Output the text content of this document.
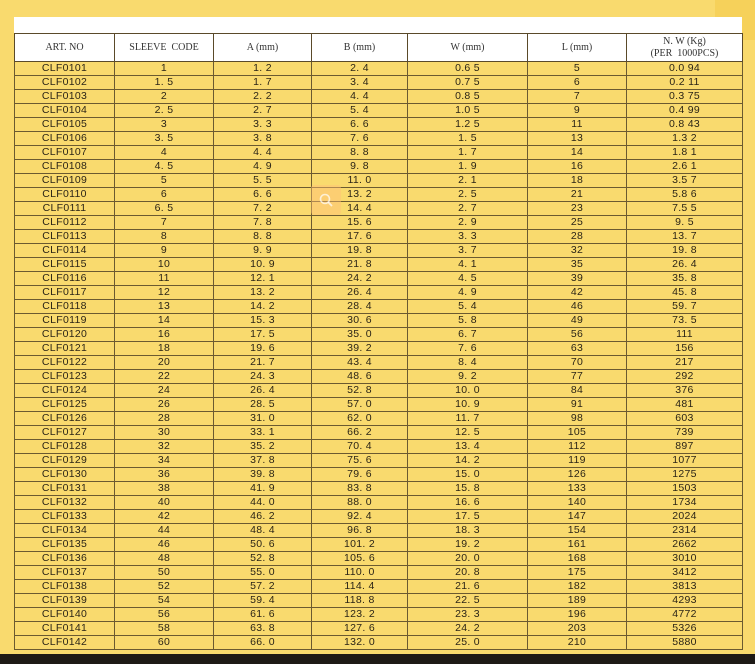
ART. NO	SLEEVE  CODE	A (mm)	B (mm)	W (mm)	L (mm)	N. W (Kg)
(PER  1000PCS)

CLF0101	1	1. 2	2. 4	0.6 5	5	0.0 94
CLF0102	1. 5	1. 7	3. 4	0.7 5	6	0.2 11
CLF0103	2	2. 2	4. 4	0.8 5	7	0.3 75
CLF0104	2. 5	2. 7	5. 4	1.0 5	9	0.4 99
CLF0105	3	3. 3	6. 6	1.2 5	11	0.8 43
CLF0106	3. 5	3. 8	7. 6	1. 5	13	1.3 2
CLF0107	4	4. 4	8. 8	1. 7	14	1.8 1
CLF0108	4. 5	4. 9	9. 8	1. 9	16	2.6 1
CLF0109	5	5. 5	11. 0	2. 1	18	3.5 7
CLF0110	6	6. 6	13. 2	2. 5	21	5.8 6
CLF0111	6. 5	7. 2	14. 4	2. 7	23	7.5 5
CLF0112	7	7. 8	15. 6	2. 9	25	9. 5
CLF0113	8	8. 8	17. 6	3. 3	28	13. 7
CLF0114	9	9. 9	19. 8	3. 7	32	19. 8
CLF0115	10	10. 9	21. 8	4. 1	35	26. 4
CLF0116	11	12. 1	24. 2	4. 5	39	35. 8
CLF0117	12	13. 2	26. 4	4. 9	42	45. 8
CLF0118	13	14. 2	28. 4	5. 4	46	59. 7
CLF0119	14	15. 3	30. 6	5. 8	49	73. 5
CLF0120	16	17. 5	35. 0	6. 7	56	111
CLF0121	18	19. 6	39. 2	7. 6	63	156
CLF0122	20	21. 7	43. 4	8. 4	70	217
CLF0123	22	24. 3	48. 6	9. 2	77	292
CLF0124	24	26. 4	52. 8	10. 0	84	376
CLF0125	26	28. 5	57. 0	10. 9	91	481
CLF0126	28	31. 0	62. 0	11. 7	98	603
CLF0127	30	33. 1	66. 2	12. 5	105	739
CLF0128	32	35. 2	70. 4	13. 4	112	897
CLF0129	34	37. 8	75. 6	14. 2	119	1077
CLF0130	36	39. 8	79. 6	15. 0	126	1275
CLF0131	38	41. 9	83. 8	15. 8	133	1503
CLF0132	40	44. 0	88. 0	16. 6	140	1734
CLF0133	42	46. 2	92. 4	17. 5	147	2024
CLF0134	44	48. 4	96. 8	18. 3	154	2314
CLF0135	46	50. 6	101. 2	19. 2	161	2662
CLF0136	48	52. 8	105. 6	20. 0	168	3010
CLF0137	50	55. 0	110. 0	20. 8	175	3412
CLF0138	52	57. 2	114. 4	21. 6	182	3813
CLF0139	54	59. 4	118. 8	22. 5	189	4293
CLF0140	56	61. 6	123. 2	23. 3	196	4772
CLF0141	58	63. 8	127. 6	24. 2	203	5326
CLF0142	60	66. 0	132. 0	25. 0	210	5880
